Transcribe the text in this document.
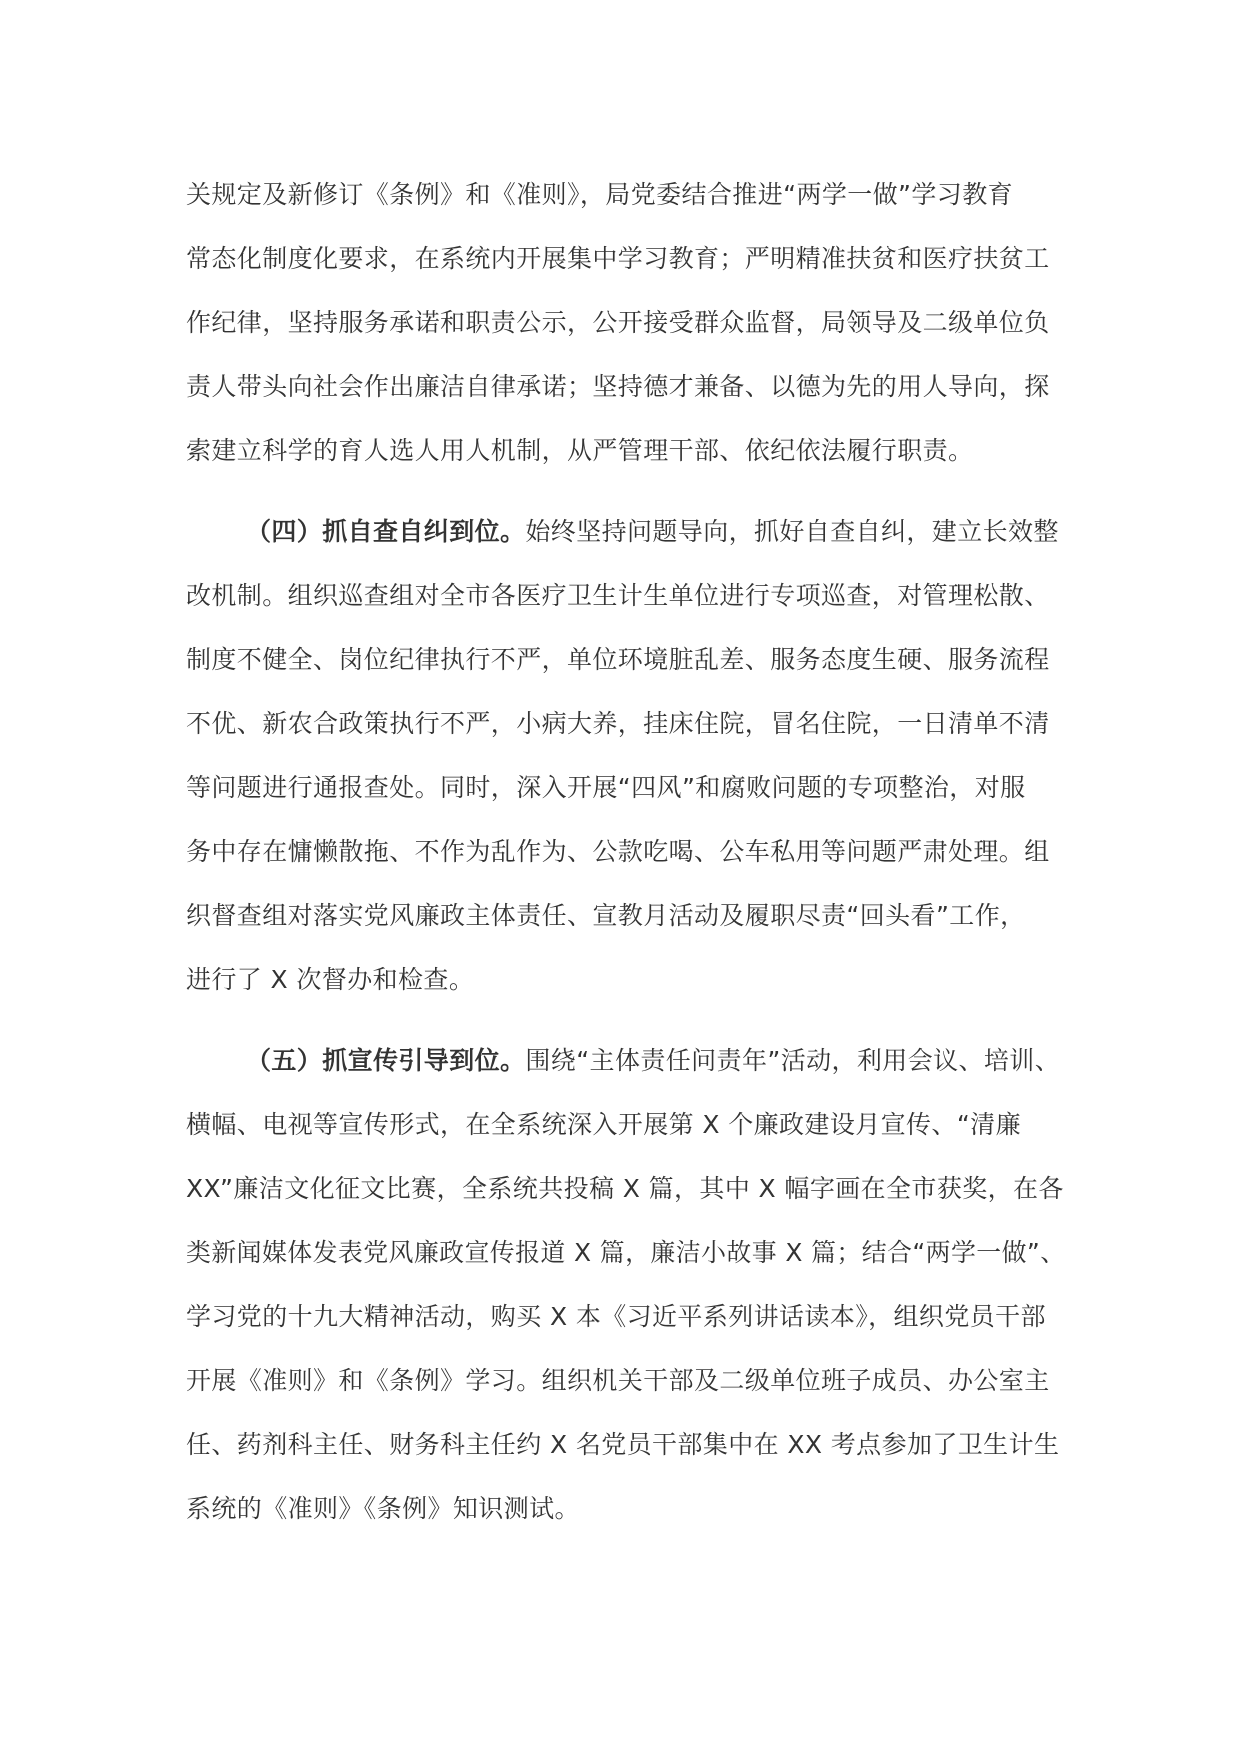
关规定及新修订《条例》和《准则》，局党委结合推进“两学一做”学习教育
常态化制度化要求，在系统内开展集中学习教育；严明精准扶贫和医疗扶贫工
作纪律，坚持服务承诺和职责公示，公开接受群众监督，局领导及二级单位负
责人带头向社会作出廉洁自律承诺；坚持德才兼备、以德为先的用人导向，探
索建立科学的育人选人用人机制，从严管理干部、依纪依法履行职责。
（四）抓自查自纠到位。始终坚持问题导向，抓好自查自纠，建立长效整
改机制。组织巡查组对全市各医疗卫生计生单位进行专项巡查，对管理松散、
制度不健全、岗位纪律执行不严，单位环境脏乱差、服务态度生硬、服务流程
不优、新农合政策执行不严，小病大养，挂床住院，冒名住院，一日清单不清
等问题进行通报查处。同时，深入开展“四风”和腐败问题的专项整治，对服
务中存在慵懒散拖、不作为乱作为、公款吃喝、公车私用等问题严肃处理。组
织督查组对落实党风廉政主体责任、宣教月活动及履职尽责“回头看”工作，
进行了 X 次督办和检查。
（五）抓宣传引导到位。围绕“主体责任问责年”活动，利用会议、培训、
横幅、电视等宣传形式，在全系统深入开展第 X 个廉政建设月宣传、“清廉
XX”廉洁文化征文比赛，全系统共投稿 X 篇，其中 X 幅字画在全市获奖，在各
类新闻媒体发表党风廉政宣传报道 X 篇，廉洁小故事 X 篇；结合“两学一做”、
学习党的十九大精神活动，购买 X 本《习近平系列讲话读本》，组织党员干部
开展《准则》和《条例》学习。组织机关干部及二级单位班子成员、办公室主
任、药剂科主任、财务科主任约 X 名党员干部集中在 XX 考点参加了卫生计生
系统的《准则》《条例》知识测试。
